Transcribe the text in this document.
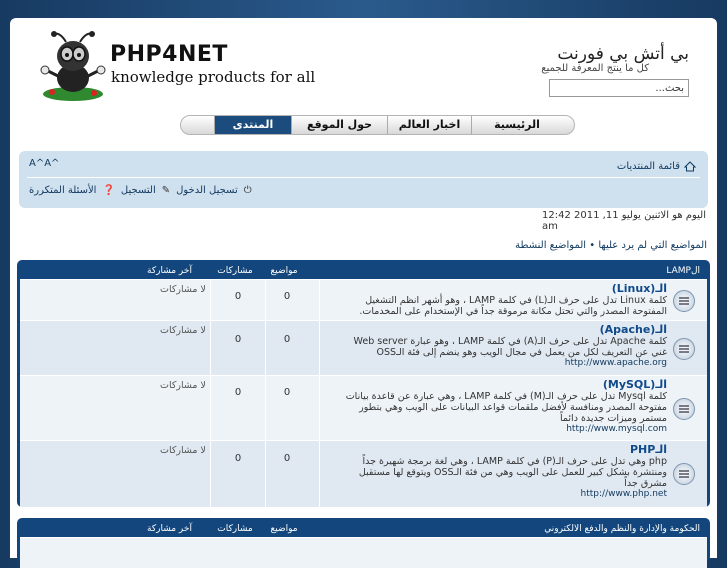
PHP4NET
knowledge products for all
بي أتش بي فورنت
كل ما ينتج المعرفة للجميع
بحث...
الرئيسية
اخبار العالم
حول الموقع
المنتدى
قائمة المنتديات
A^A^
الأسئلة المتكررة ❓ التسجيل ✎ تسجيل الدخول ⏻
اليوم هو الاثنين يوليو 11, 2011 12:42 am
المواضيع التي لم يرد عليها • المواضيع النشطة
الLAMP
مواضيع
مشاركات
آخر مشاركة
الـ(Linux)
كلمة Linux تدل على حرف الـ(L) في كلمة LAMP ، وهو أشهر انظم التشغيل المفتوحة المصدر والتي تحتل مكانة مرموقة جداً في الإستخدام على المخدمات.
0
0
لا مشاركات
الـ(Apache)
كلمة Apache تدل على حرف الـ(A) في كلمة LAMP ، وهو عبارة Web server غني عن التعريف لكل من يعمل في مجال الويب وهو ينضم إلى فئة الـOSS
http://www.apache.org
0
0
لا مشاركات
الـ(MySQL)
كلمة Mysql تدل على حرف الـ(M) في كلمة LAMP ، وهي عبارة عن قاعدة بيانات مفتوحة المصدر ومنافسة لأفضل ملقمات قواعد البيانات على الويب وهي بتطور مستمر وميزات جديدة دائماً
http://www.mysql.com
0
0
لا مشاركات
الـPHP
php وهي تدل على حرف الـ(P) في كلمة LAMP ، وهي لغة برمجة شهيرة جداً ومنتشرة بشكل كبير للعمل على الويب وهي من فئة الـOSS ويتوقع لها مستقبل مشرق جداً
http://www.php.net
0
0
لا مشاركات
الحكومة والإدارة والنظم والدفع الالكتروني
مواضيع
مشاركات
آخر مشاركة
